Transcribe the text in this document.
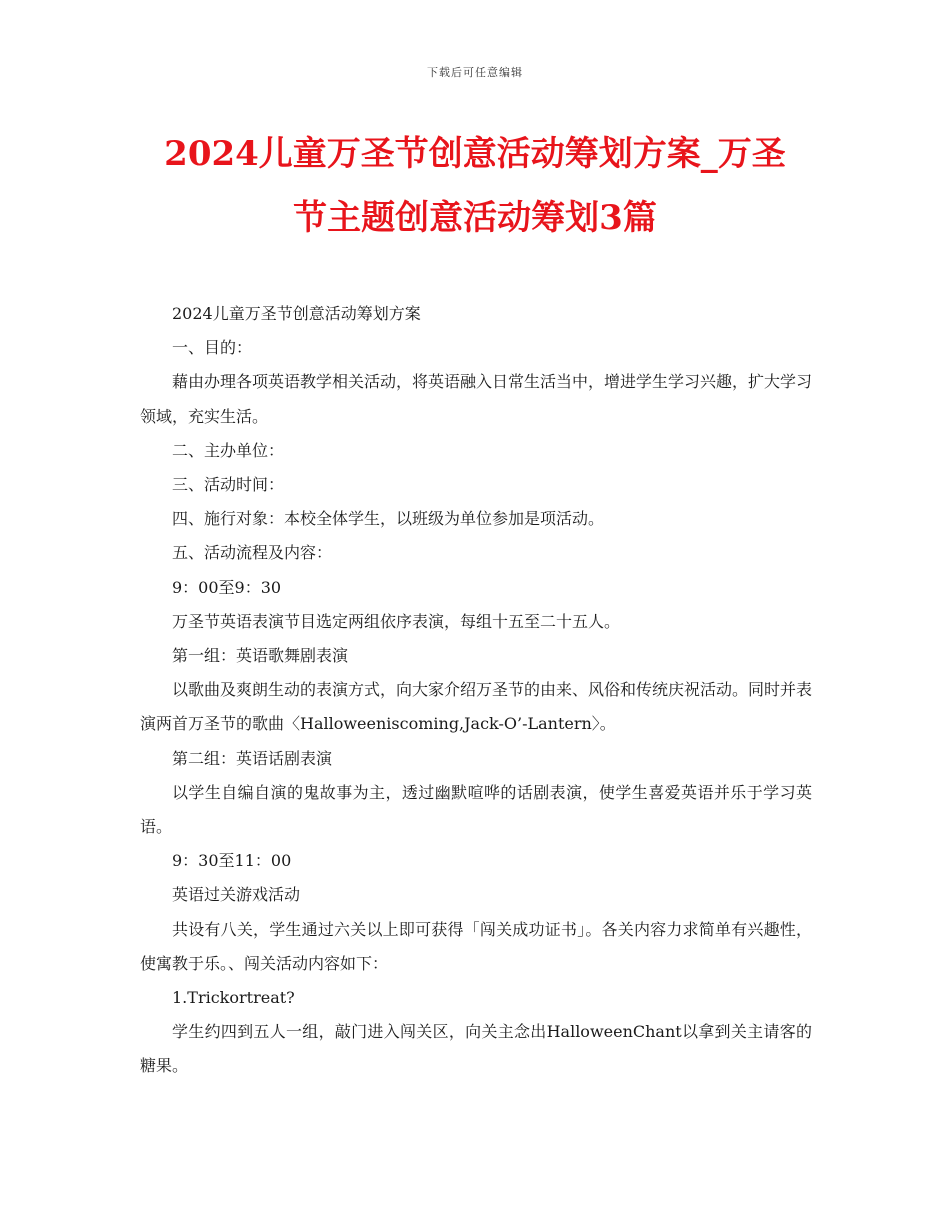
下载后可任意编辑
2024儿童万圣节创意活动筹划方案_万圣
节主题创意活动筹划3篇

2024儿童万圣节创意活动筹划方案

一、目的：

藉由办理各项英语教学相关活动，将英语融入日常生活当中，增进学生学习兴趣，扩大学习领域，充实生活。

二、主办单位：

三、活动时间：

四、施行对象：本校全体学生，以班级为单位参加是项活动。

五、活动流程及内容：

9：00至9：30

万圣节英语表演节目选定两组依序表演，每组十五至二十五人。

第一组：英语歌舞剧表演

以歌曲及爽朗生动的表演方式，向大家介绍万圣节的由来、风俗和传统庆祝活动。同时并表演两首万圣节的歌曲〈Halloweeniscoming,Jack-O’-Lantern〉。

第二组：英语话剧表演

以学生自编自演的鬼故事为主，透过幽默喧哗的话剧表演，使学生喜爱英语并乐于学习英语。

9：30至11：00

英语过关游戏活动

共设有八关，学生通过六关以上即可获得「闯关成功证书」。各关内容力求简单有兴趣性，使寓教于乐。、闯关活动内容如下：

1.Trickortreat?

学生约四到五人一组，敲门进入闯关区，向关主念出HalloweenChant以拿到关主请客的糖果。
